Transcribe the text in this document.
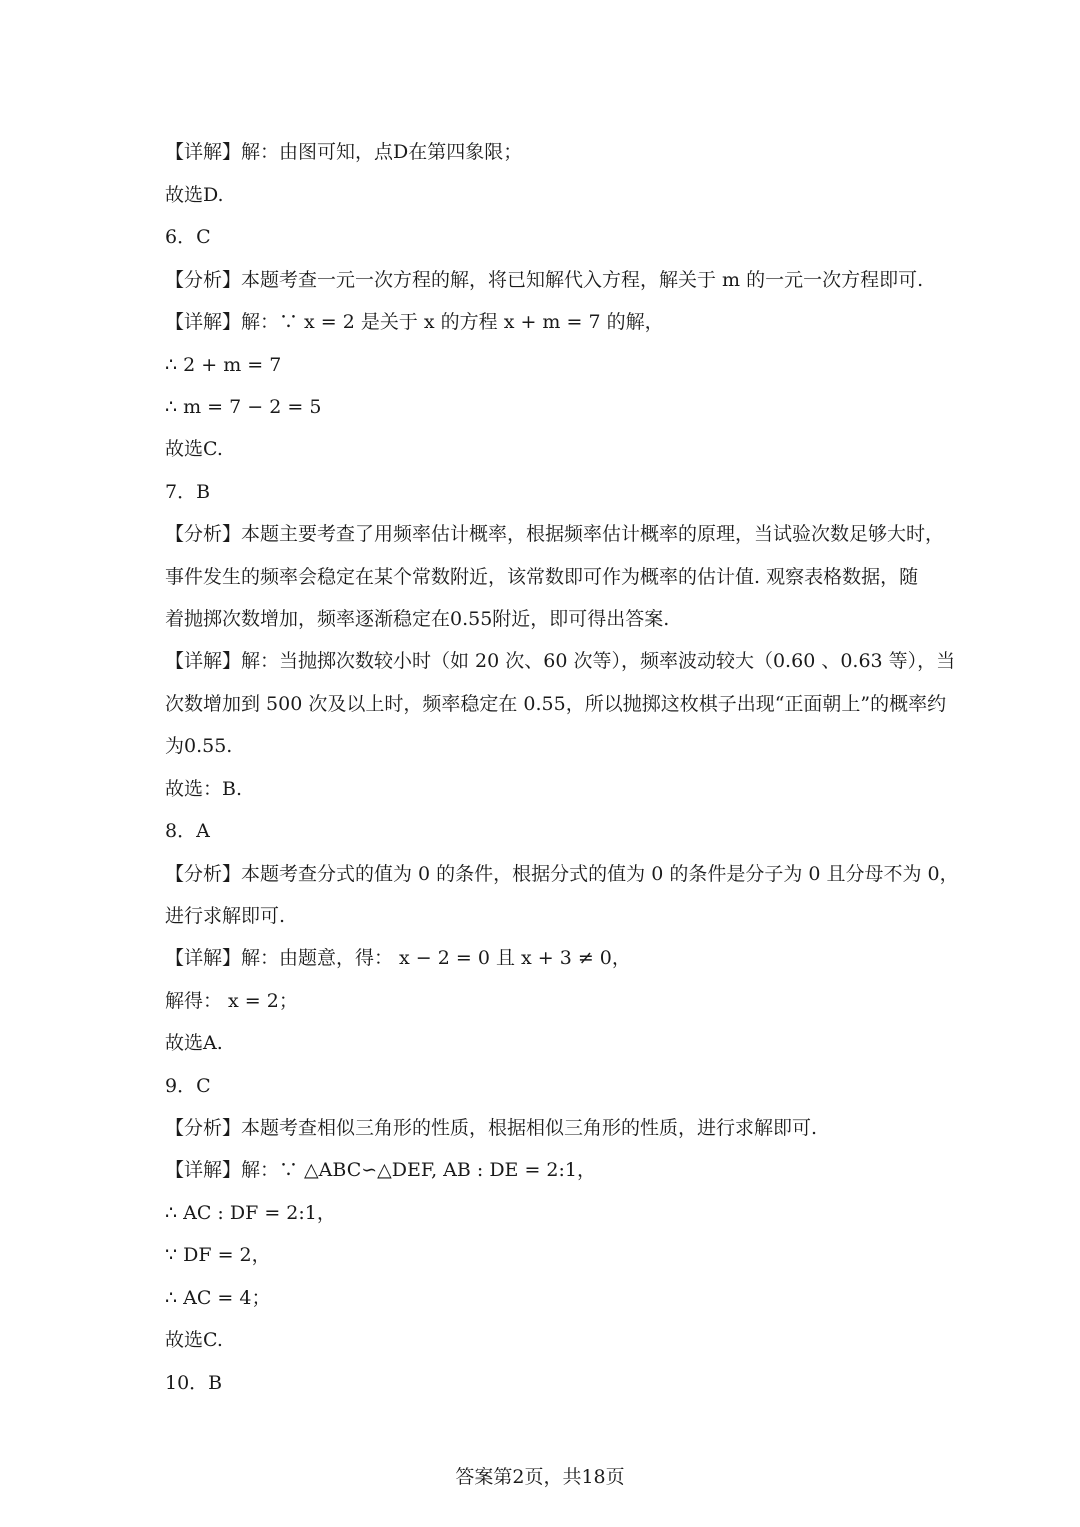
【详解】解：由图可知，点D在第四象限；
故选D.
6．C
【分析】本题考查一元一次方程的解，将已知解代入方程，解关于 m 的一元一次方程即可.
【详解】解：∵ x = 2 是关于 x 的方程 x + m = 7 的解，
∴ 2 + m = 7
∴ m = 7 − 2 = 5
故选C.
7．B
【分析】本题主要考查了用频率估计概率，根据频率估计概率的原理，当试验次数足够大时，
事件发生的频率会稳定在某个常数附近，该常数即可作为概率的估计值. 观察表格数据，随
着抛掷次数增加，频率逐渐稳定在0.55附近，即可得出答案.
【详解】解：当抛掷次数较小时（如 20 次、60 次等），频率波动较大（0.60 、0.63 等），当
次数增加到 500 次及以上时，频率稳定在 0.55，所以抛掷这枚棋子出现“正面朝上”的概率约
为0.55.
故选：B.
8．A
【分析】本题考查分式的值为 0 的条件，根据分式的值为 0 的条件是分子为 0 且分母不为 0，
进行求解即可.
【详解】解：由题意，得： x − 2 = 0 且 x + 3 ≠ 0，
解得： x = 2；
故选A.
9．C
【分析】本题考查相似三角形的性质，根据相似三角形的性质，进行求解即可.
【详解】解：∵ △ABC∽△DEF, AB : DE = 2:1，
∴ AC : DF = 2:1，
∵ DF = 2，
∴ AC = 4；
故选C.
10．B
答案第2页，共18页
